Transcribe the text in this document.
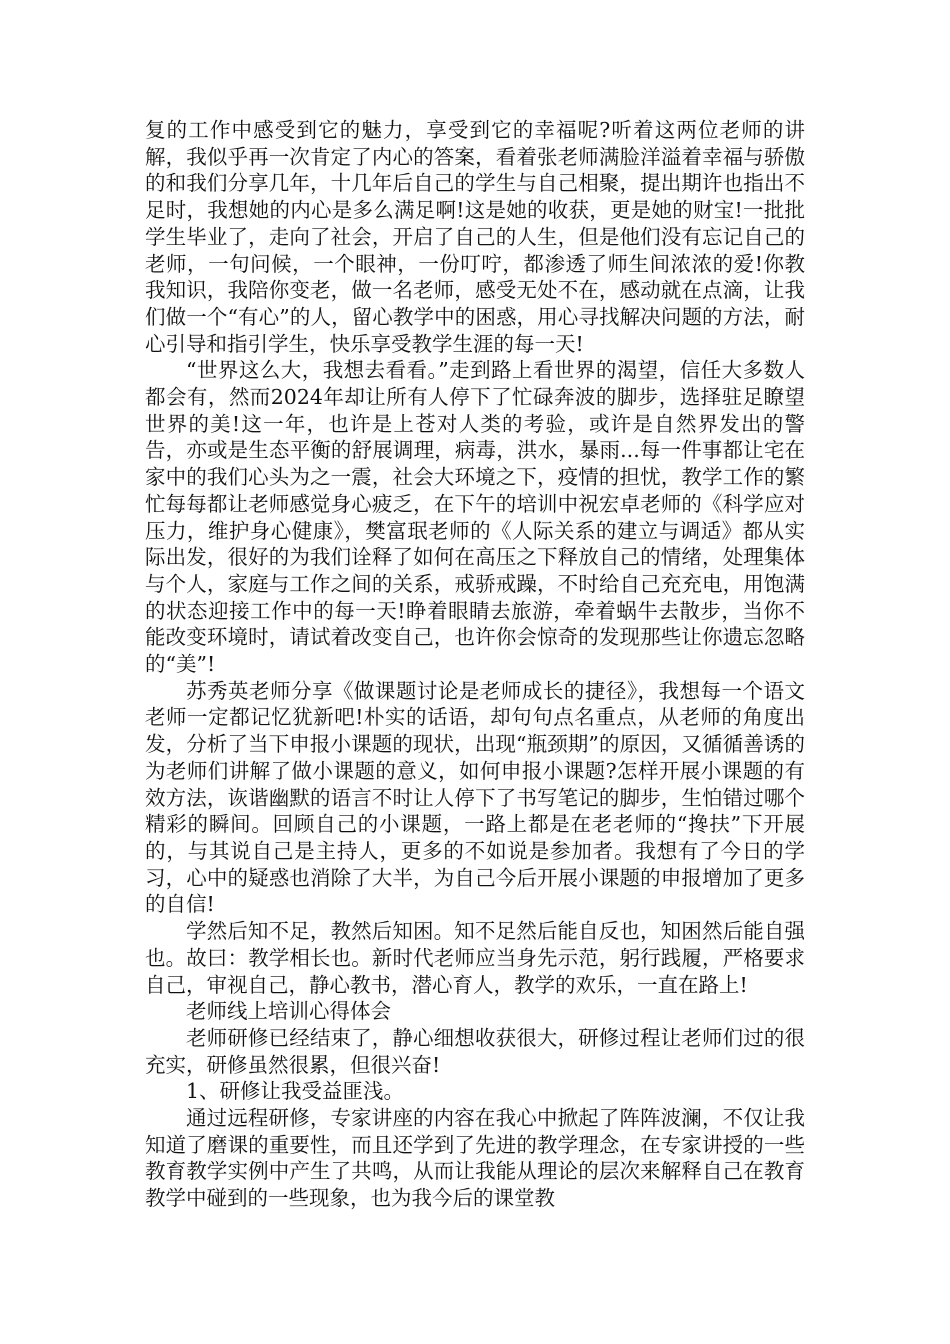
复的工作中感受到它的魅力，享受到它的幸福呢?听着这两位老师的讲解，我似乎再一次肯定了内心的答案，看着张老师满脸洋溢着幸福与骄傲的和我们分享几年，十几年后自己的学生与自己相聚，提出期许也指出不足时，我想她的内心是多么满足啊!这是她的收获，更是她的财宝!一批批学生毕业了，走向了社会，开启了自己的人生，但是他们没有忘记自己的老师，一句问候，一个眼神，一份叮咛，都渗透了师生间浓浓的爱!你教我知识，我陪你变老，做一名老师，感受无处不在，感动就在点滴，让我们做一个“有心”的人，留心教学中的困惑，用心寻找解决问题的方法，耐心引导和指引学生，快乐享受教学生涯的每一天!

“世界这么大，我想去看看。”走到路上看世界的渴望，信任大多数人都会有，然而2024年却让所有人停下了忙碌奔波的脚步，选择驻足瞭望世界的美!这一年，也许是上苍对人类的考验，或许是自然界发出的警告，亦或是生态平衡的舒展调理，病毒，洪水，暴雨...每一件事都让宅在家中的我们心头为之一震，社会大环境之下，疫情的担忧，教学工作的繁忙每每都让老师感觉身心疲乏，在下午的培训中祝宏卓老师的《科学应对压力，维护身心健康》，樊富珉老师的《人际关系的建立与调适》都从实际出发，很好的为我们诠释了如何在高压之下释放自己的情绪，处理集体与个人，家庭与工作之间的关系，戒骄戒躁，不时给自己充充电，用饱满的状态迎接工作中的每一天!睁着眼睛去旅游，牵着蜗牛去散步，当你不能改变环境时，请试着改变自己，也许你会惊奇的发现那些让你遗忘忽略的“美”!

苏秀英老师分享《做课题讨论是老师成长的捷径》，我想每一个语文老师一定都记忆犹新吧!朴实的话语，却句句点名重点，从老师的角度出发，分析了当下申报小课题的现状，出现“瓶颈期”的原因，又循循善诱的为老师们讲解了做小课题的意义，如何申报小课题?怎样开展小课题的有效方法，诙谐幽默的语言不时让人停下了书写笔记的脚步，生怕错过哪个精彩的瞬间。回顾自己的小课题，一路上都是在老老师的“搀扶”下开展的，与其说自己是主持人，更多的不如说是参加者。我想有了今日的学习，心中的疑惑也消除了大半，为自己今后开展小课题的申报增加了更多的自信!

学然后知不足，教然后知困。知不足然后能自反也，知困然后能自强也。故曰：教学相长也。新时代老师应当身先示范，躬行践履，严格要求自己，审视自己，静心教书，潜心育人，教学的欢乐，一直在路上!

老师线上培训心得体会

老师研修已经结束了，静心细想收获很大，研修过程让老师们过的很充实，研修虽然很累，但很兴奋!

1、研修让我受益匪浅。

通过远程研修，专家讲座的内容在我心中掀起了阵阵波澜，不仅让我知道了磨课的重要性，而且还学到了先进的教学理念，在专家讲授的一些教育教学实例中产生了共鸣，从而让我能从理论的层次来解释自己在教育教学中碰到的一些现象，也为我今后的课堂教
